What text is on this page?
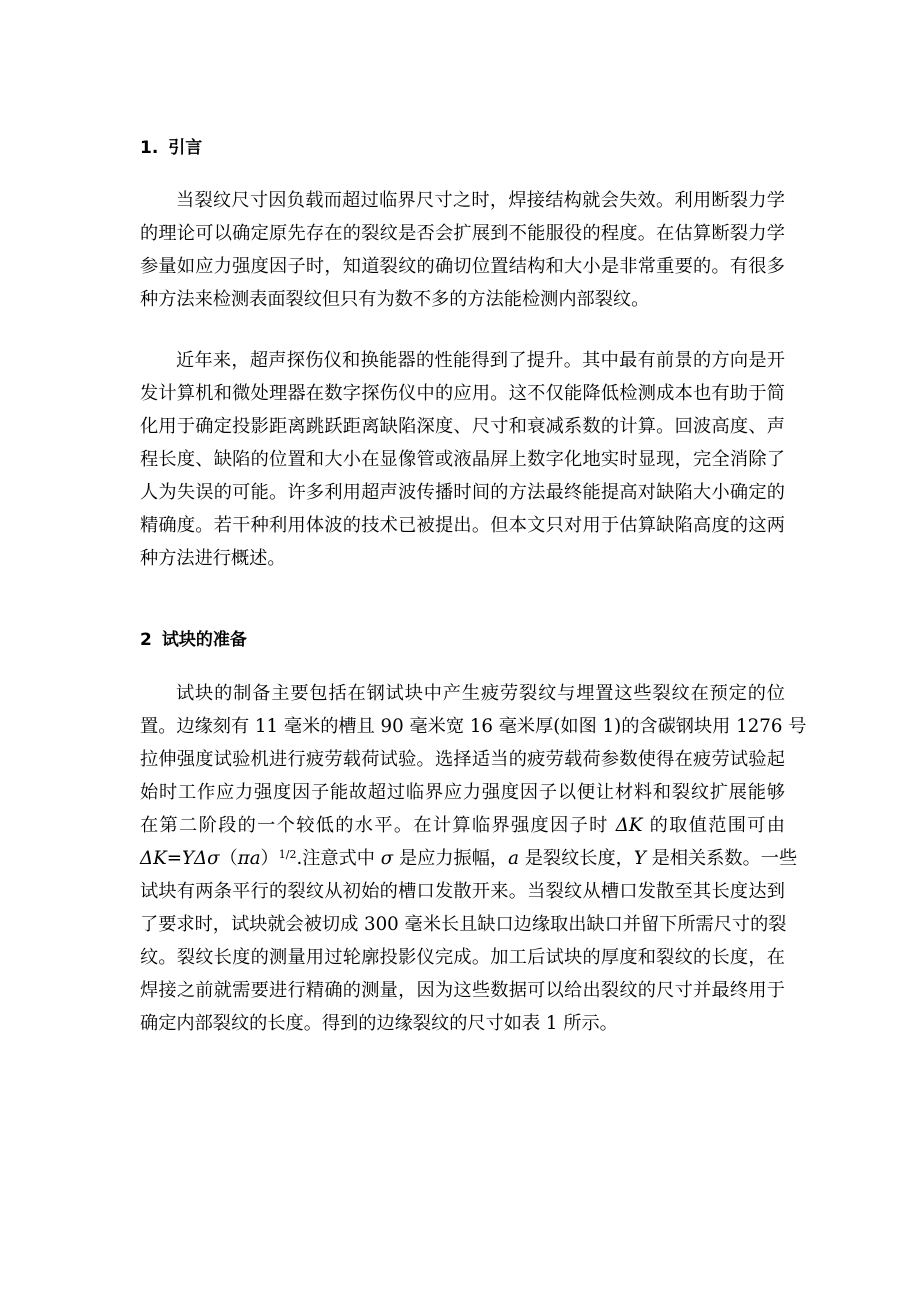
1. 引言
当裂纹尺寸因负载而超过临界尺寸之时，焊接结构就会失效。利用断裂力学
的理论可以确定原先存在的裂纹是否会扩展到不能服役的程度。在估算断裂力学
参量如应力强度因子时，知道裂纹的确切位置结构和大小是非常重要的。有很多
种方法来检测表面裂纹但只有为数不多的方法能检测内部裂纹。
近年来，超声探伤仪和换能器的性能得到了提升。其中最有前景的方向是开
发计算机和微处理器在数字探伤仪中的应用。这不仅能降低检测成本也有助于简
化用于确定投影距离跳跃距离缺陷深度、尺寸和衰减系数的计算。回波高度、声
程长度、缺陷的位置和大小在显像管或液晶屏上数字化地实时显现，完全消除了
人为失误的可能。许多利用超声波传播时间的方法最终能提高对缺陷大小确定的
精确度。若干种利用体波的技术已被提出。但本文只对用于估算缺陷高度的这两
种方法进行概述。
2 试块的准备
试块的制备主要包括在钢试块中产生疲劳裂纹与埋置这些裂纹在预定的位
置。边缘刻有 11 毫米的槽且 90 毫米宽 16 毫米厚(如图 1)的含碳钢块用 1276 号
拉伸强度试验机进行疲劳载荷试验。选择适当的疲劳载荷参数使得在疲劳试验起
始时工作应力强度因子能故超过临界应力强度因子以便让材料和裂纹扩展能够
在第二阶段的一个较低的水平。在计算临界强度因子时 ΔK 的取值范围可由
$\Delta K=Y\Delta\sigma(\pi a)^{1/2}$.注意式中 σ 是应力振幅，a 是裂纹长度，Y 是相关系数。一些
试块有两条平行的裂纹从初始的槽口发散开来。当裂纹从槽口发散至其长度达到
了要求时，试块就会被切成 300 毫米长且缺口边缘取出缺口并留下所需尺寸的裂
纹。裂纹长度的测量用过轮廓投影仪完成。加工后试块的厚度和裂纹的长度，在
焊接之前就需要进行精确的测量，因为这些数据可以给出裂纹的尺寸并最终用于
确定内部裂纹的长度。得到的边缘裂纹的尺寸如表 1 所示。
